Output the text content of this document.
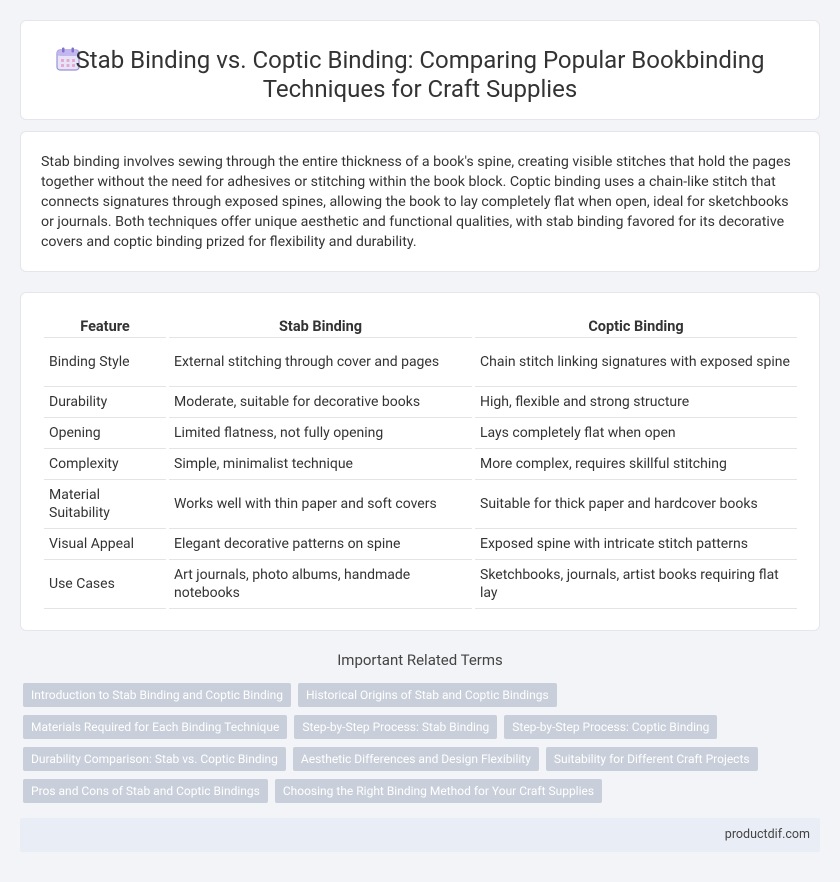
Stab Binding vs. Coptic Binding: Comparing Popular Bookbinding
Techniques for Craft Supplies

Stab binding involves sewing through the entire thickness of a book's spine, creating visible stitches that hold the pages together without the need for adhesives or stitching within the book block. Coptic binding uses a chain-like stitch that connects signatures through exposed spines, allowing the book to lay completely flat when open, ideal for sketchbooks or journals. Both techniques offer unique aesthetic and functional qualities, with stab binding favored for its decorative covers and coptic binding prized for flexibility and durability.

Feature	Stab Binding	Coptic Binding
Binding Style	External stitching through cover and pages	Chain stitch linking signatures with exposed spine
Durability	Moderate, suitable for decorative books	High, flexible and strong structure
Opening	Limited flatness, not fully opening	Lays completely flat when open
Complexity	Simple, minimalist technique	More complex, requires skillful stitching
Material Suitability	Works well with thin paper and soft covers	Suitable for thick paper and hardcover books
Visual Appeal	Elegant decorative patterns on spine	Exposed spine with intricate stitch patterns
Use Cases	Art journals, photo albums, handmade notebooks	Sketchbooks, journals, artist books requiring flat lay
Important Related Terms
Introduction to Stab Binding and Coptic Binding	Historical Origins of Stab and Coptic Bindings
Materials Required for Each Binding Technique	Step-by-Step Process: Stab Binding	Step-by-Step Process: Coptic Binding
Durability Comparison: Stab vs. Coptic Binding	Aesthetic Differences and Design Flexibility	Suitability for Different Craft Projects
Pros and Cons of Stab and Coptic Bindings	Choosing the Right Binding Method for Your Craft Supplies
productdif.com
